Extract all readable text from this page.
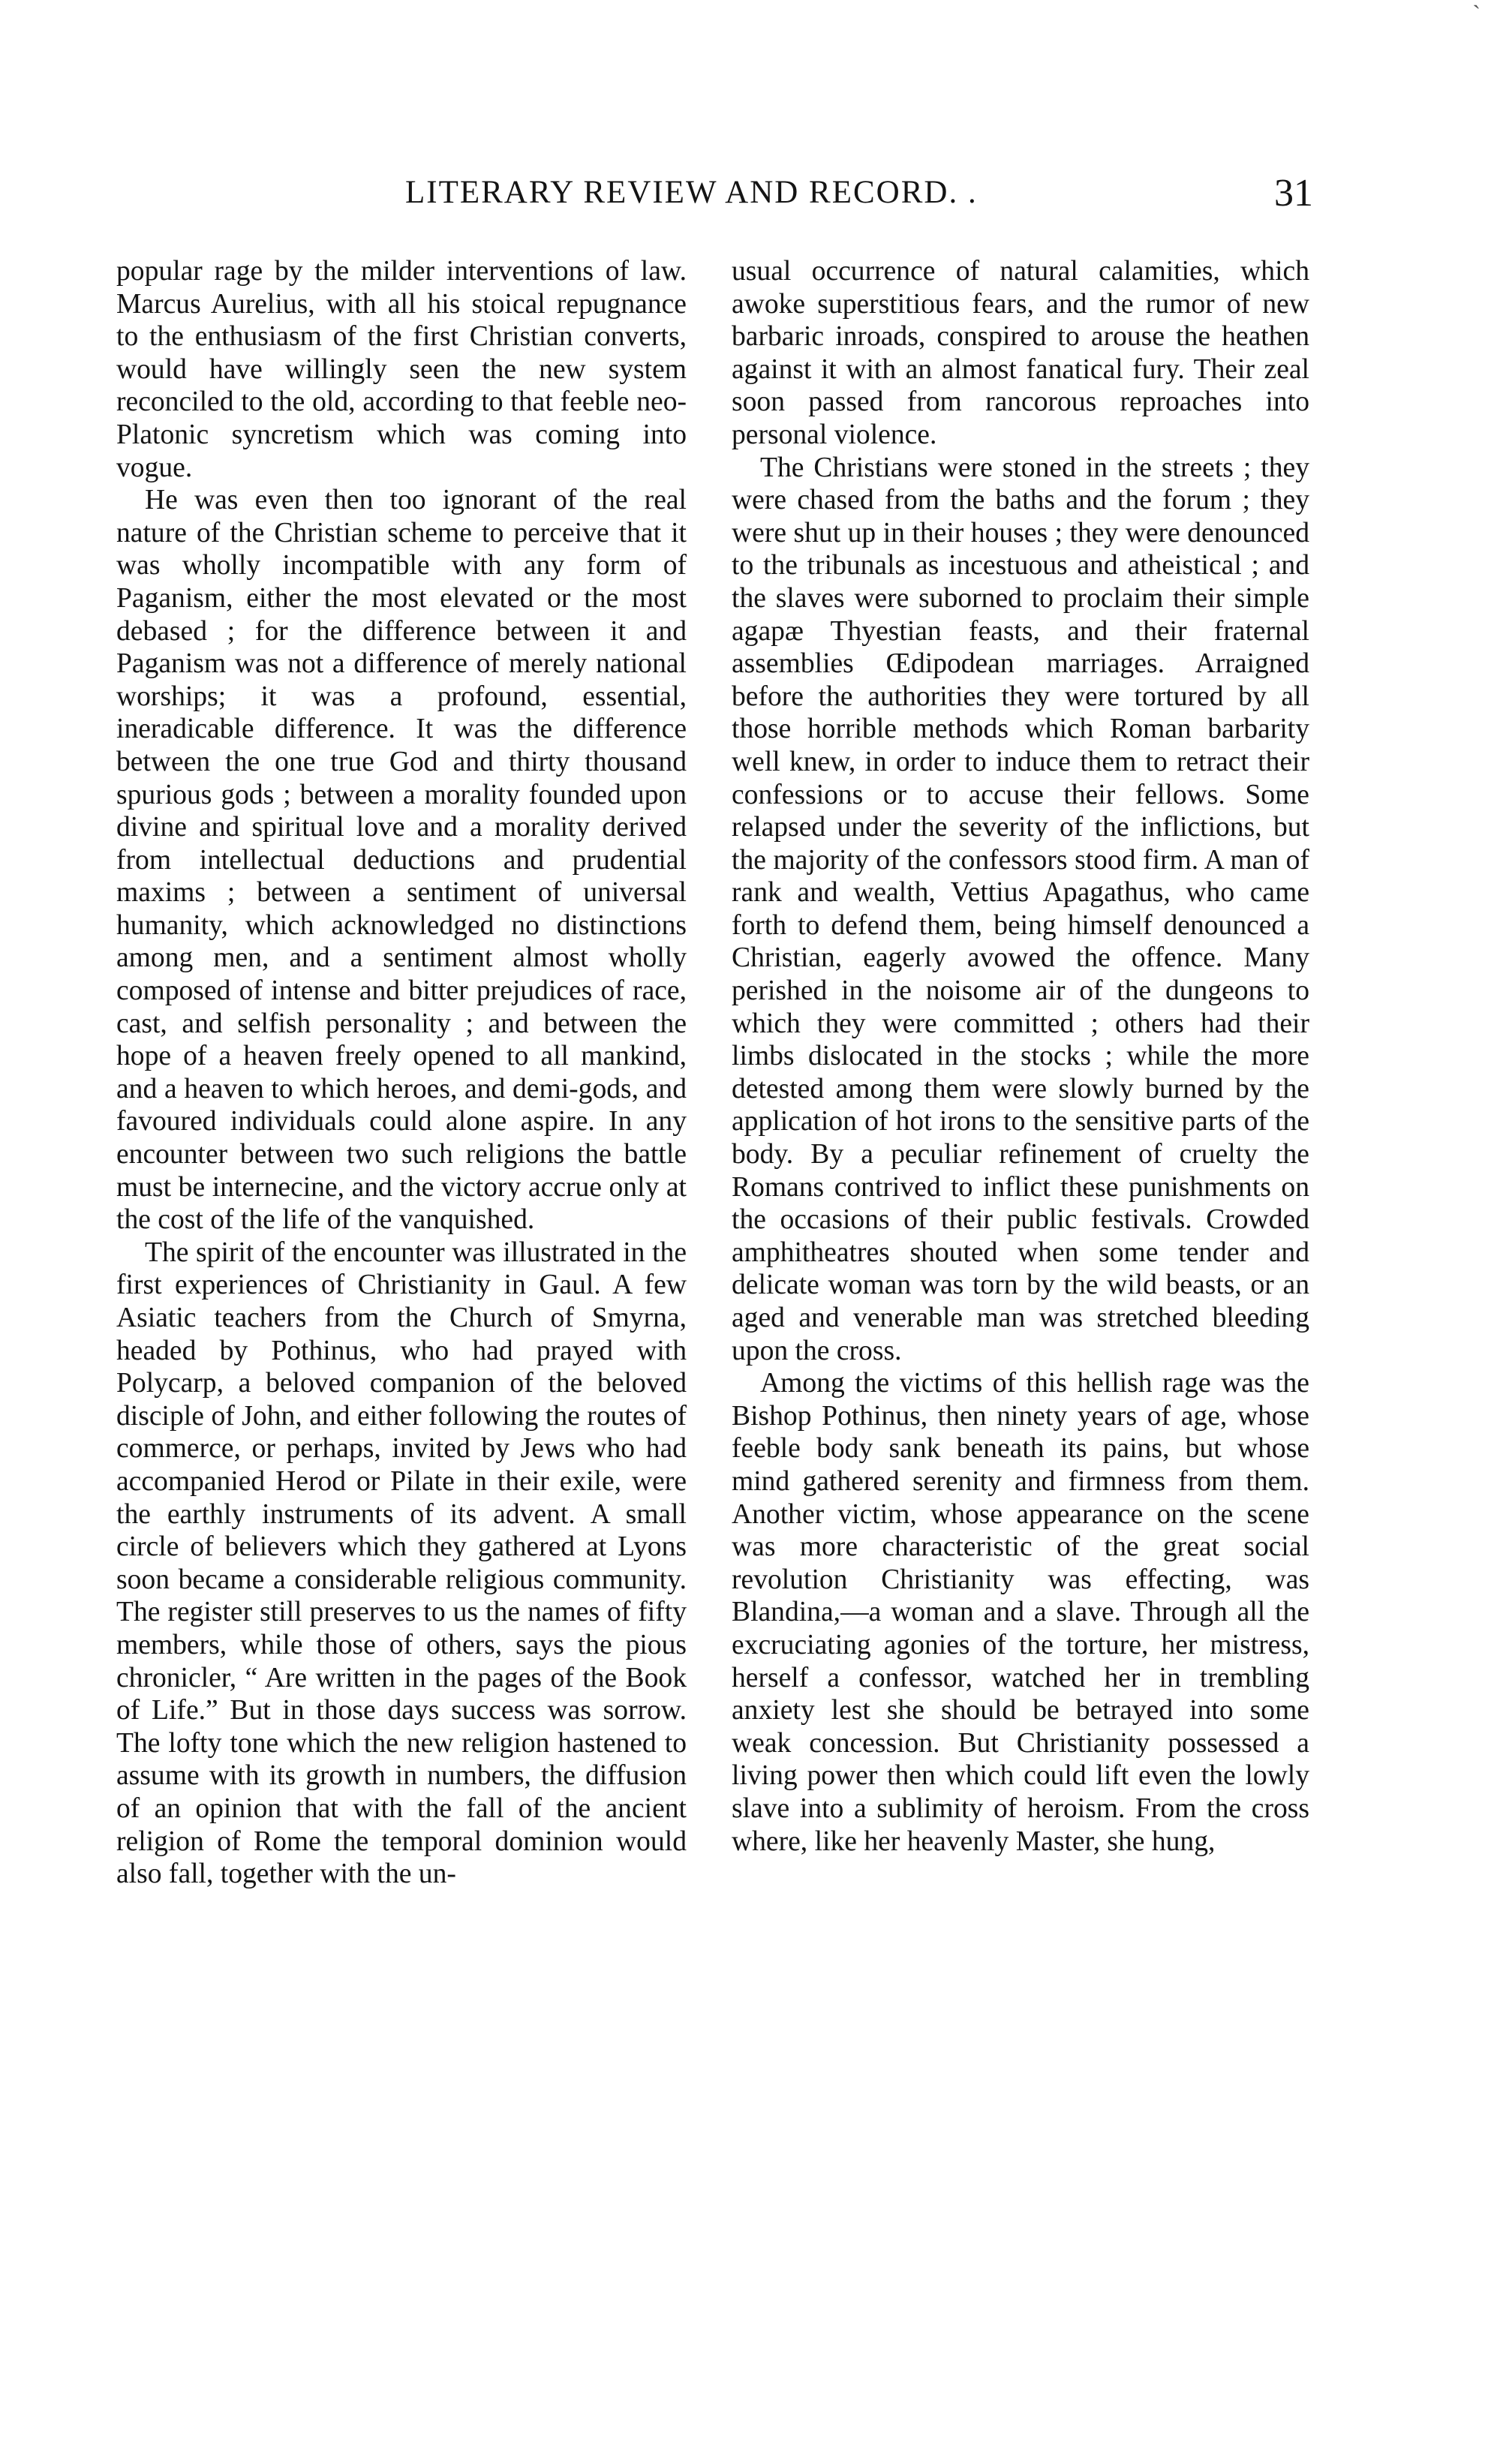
`
LITERARY REVIEW AND RECORD. .	31

popular rage by the milder interventions of law. Marcus Aurelius, with all his stoical repugnance to the enthusiasm of the first Christian converts, would have willingly seen the new system reconciled to the old, according to that feeble neo-Platonic syncretism which was coming into vogue.

He was even then too ignorant of the real nature of the Christian scheme to perceive that it was wholly incompatible with any form of Paganism, either the most elevated or the most debased ; for the difference between it and Paganism was not a difference of merely national worships; it was a profound, essential, ineradicable difference. It was the difference between the one true God and thirty thousand spurious gods ; between a morality founded upon divine and spiritual love and a morality derived from intellectual deductions and prudential maxims ; between a sentiment of universal humanity, which acknowledged no distinctions among men, and a sentiment almost wholly composed of intense and bitter prejudices of race, cast, and selfish personality ; and between the hope of a heaven freely opened to all mankind, and a heaven to which heroes, and demi-gods, and favoured individuals could alone aspire. In any encounter between two such religions the battle must be internecine, and the victory accrue only at the cost of the life of the vanquished.

The spirit of the encounter was illustrated in the first experiences of Christianity in Gaul. A few Asiatic teachers from the Church of Smyrna, headed by Pothinus, who had prayed with Polycarp, a beloved companion of the beloved disciple of John, and either following the routes of commerce, or perhaps, invited by Jews who had accompanied Herod or Pilate in their exile, were the earthly instruments of its advent. A small circle of believers which they gathered at Lyons soon became a considerable religious community. The register still preserves to us the names of fifty members, while those of others, says the pious chronicler, “ Are written in the pages of the Book of Life.” But in those days success was sorrow. The lofty tone which the new religion hastened to assume with its growth in numbers, the diffusion of an opinion that with the fall of the ancient religion of Rome the temporal dominion would also fall, together with the un-

usual occurrence of natural calamities, which awoke superstitious fears, and the rumor of new barbaric inroads, conspired to arouse the heathen against it with an almost fanatical fury. Their zeal soon passed from rancorous reproaches into personal violence.

The Christians were stoned in the streets ; they were chased from the baths and the forum ; they were shut up in their houses ; they were denounced to the tribunals as incestuous and atheistical ; and the slaves were suborned to proclaim their simple agapæ Thyestian feasts, and their fraternal assemblies Œdipodean marriages. Arraigned before the authorities they were tortured by all those horrible methods which Roman barbarity well knew, in order to induce them to retract their confessions or to accuse their fellows. Some relapsed under the severity of the inflictions, but the majority of the confessors stood firm. A man of rank and wealth, Vettius Apagathus, who came forth to defend them, being himself denounced a Christian, eagerly avowed the offence. Many perished in the noisome air of the dungeons to which they were committed ; others had their limbs dislocated in the stocks ; while the more detested among them were slowly burned by the application of hot irons to the sensitive parts of the body. By a peculiar refinement of cruelty the Romans contrived to inflict these punishments on the occasions of their public festivals. Crowded amphitheatres shouted when some tender and delicate woman was torn by the wild beasts, or an aged and venerable man was stretched bleeding upon the cross.

Among the victims of this hellish rage was the Bishop Pothinus, then ninety years of age, whose feeble body sank beneath its pains, but whose mind gathered serenity and firmness from them. Another victim, whose appearance on the scene was more characteristic of the great social revolution Christianity was effecting, was Blandina,—a woman and a slave. Through all the excruciating agonies of the torture, her mistress, herself a confessor, watched her in trembling anxiety lest she should be betrayed into some weak concession. But Christianity possessed a living power then which could lift even the lowly slave into a sublimity of heroism. From the cross where, like her heavenly Master, she hung,
